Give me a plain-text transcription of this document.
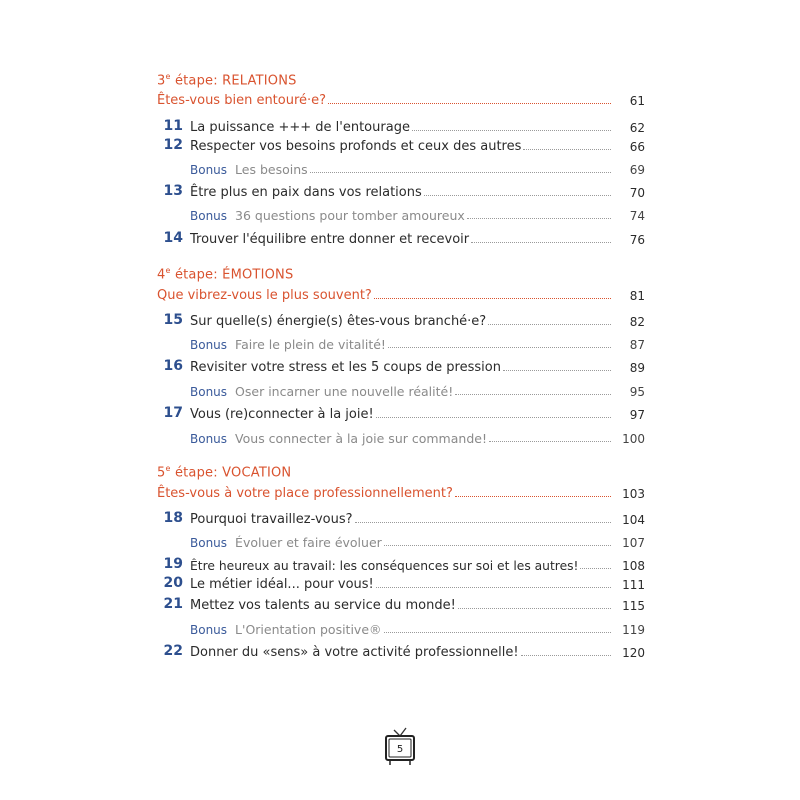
3e étape: RELATIONS
Êtes-vous bien entouré·e?	61
11 La puissance +++ de l'entourage	62
12 Respecter vos besoins profonds et ceux des autres	66
Bonus Les besoins	69
13 Être plus en paix dans vos relations	70
Bonus 36 questions pour tomber amoureux	74
14 Trouver l'équilibre entre donner et recevoir	76
4e étape: ÉMOTIONS
Que vibrez-vous le plus souvent?	81
15 Sur quelle(s) énergie(s) êtes-vous branché·e?	82
Bonus Faire le plein de vitalité!	87
16 Revisiter votre stress et les 5 coups de pression	89
Bonus Oser incarner une nouvelle réalité!	95
17 Vous (re)connecter à la joie!	97
Bonus Vous connecter à la joie sur commande!	100
5e étape: VOCATION
Êtes-vous à votre place professionnellement?	103
18 Pourquoi travaillez-vous?	104
Bonus Évoluer et faire évoluer	107
19 Être heureux au travail: les conséquences sur soi et les autres!	108
20 Le métier idéal... pour vous!	111
21 Mettez vos talents au service du monde!	115
Bonus L'Orientation positive®	119
22 Donner du «sens» à votre activité professionnelle!	120
5
